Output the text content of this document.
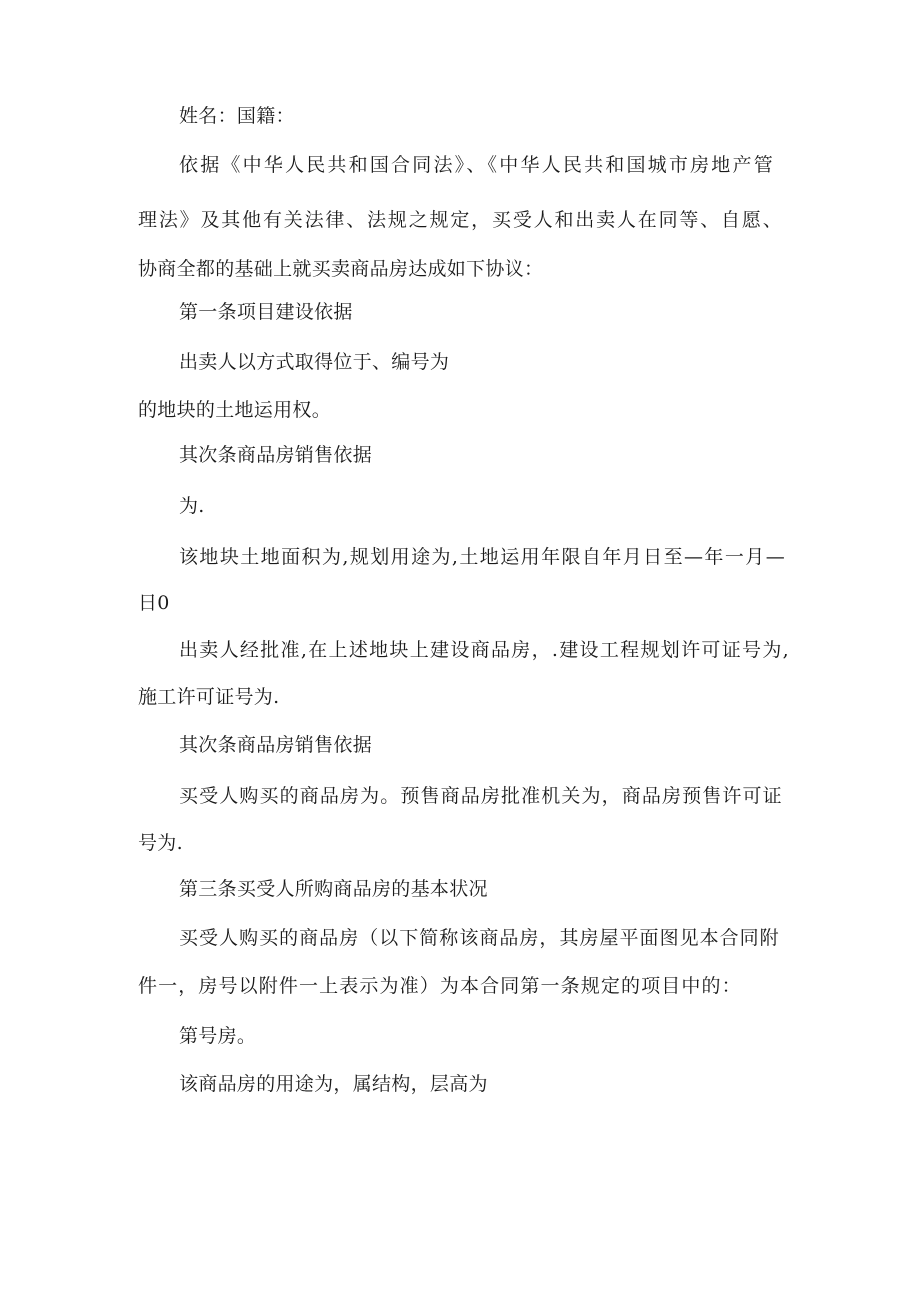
姓名：国籍：

依据《中华人民共和国合同法》、《中华人民共和国城市房地产管

理法》及其他有关法律、法规之规定，买受人和出卖人在同等、自愿、

协商全都的基础上就买卖商品房达成如下协议：

第一条项目建设依据

出卖人以方式取得位于、编号为

的地块的土地运用权。

其次条商品房销售依据

为.

该地块土地面积为,规划用途为,土地运用年限自年月日至—年一月—

日0

出卖人经批准,在上述地块上建设商品房，.建设工程规划许可证号为,

施工许可证号为.

其次条商品房销售依据

买受人购买的商品房为。预售商品房批准机关为，商品房预售许可证

号为.

第三条买受人所购商品房的基本状况

买受人购买的商品房（以下简称该商品房，其房屋平面图见本合同附

件一，房号以附件一上表示为准）为本合同第一条规定的项目中的：

第号房。

该商品房的用途为，属结构，层高为
